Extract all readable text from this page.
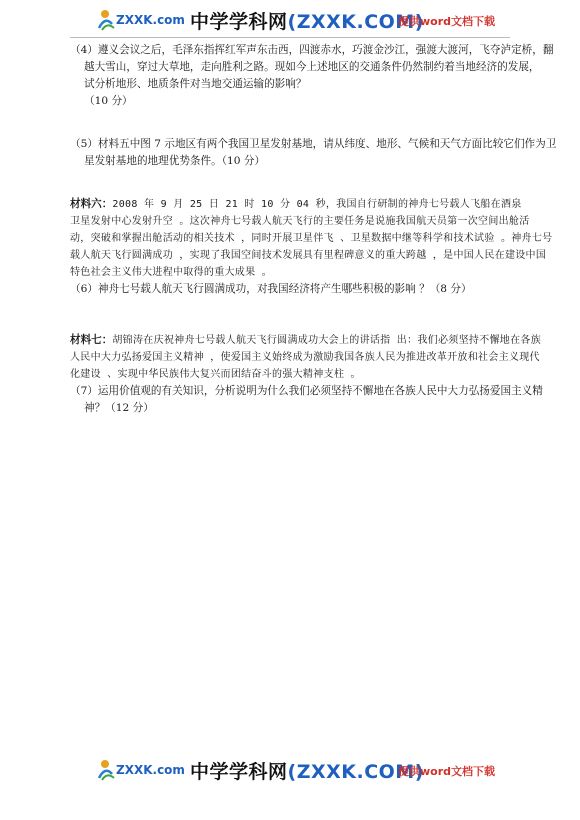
ZXXK.com 中学学科网(ZXXK.COM)
提供word文档下载
（4）遵义会议之后，毛泽东指挥红军声东击西，四渡赤水，巧渡金沙江，强渡大渡河，飞夺泸定桥，翻
越大雪山，穿过大草地，走向胜利之路。现如今上述地区的交通条件仍然制约着当地经济的发展，
试分析地形、地质条件对当地交通运输的影响？
（10 分）
（5）材料五中图 7 示地区有两个我国卫星发射基地，请从纬度、地形、气候和天气方面比较它们作为卫
星发射基地的地理优势条件。（10 分）
材料六：2008 年 9 月 25 日 21 时 10 分 04 秒，我国自行研制的神舟七号载人飞船在酒泉
卫星发射中心发射升空 。这次神舟七号载人航天飞行的主要任务是说施我国航天员第一次空间出舱活
动，突破和掌握出舱活动的相关技术 ，同时开展卫星伴飞 、卫星数据中继等科学和技术试验 。神舟七号
载人航天飞行圆满成功 ，实现了我国空间技术发展具有里程碑意义的重大跨越 ，是中国人民在建设中国
特色社会主义伟大进程中取得的重大成果 。
（6）神舟七号载人航天飞行圆满成功，对我国经济将产生哪些积极的影响 ？（8 分）
材料七：胡锦涛在庆祝神舟七号载人航天飞行圆满成功大会上的讲话指 出：我们必须坚持不懈地在各族
人民中大力弘扬爱国主义精神 ，使爱国主义始终成为激励我国各族人民为推进改革开放和社会主义现代
化建设 、实现中华民族伟大复兴而团结奋斗的强大精神支柱 。
（7）运用价值观的有关知识，分析说明为什么我们必须坚持不懈地在各族人民中大力弘扬爱国主义精
神？（12 分）
ZXXK.com 中学学科网(ZXXK.COM)
提供word文档下载
